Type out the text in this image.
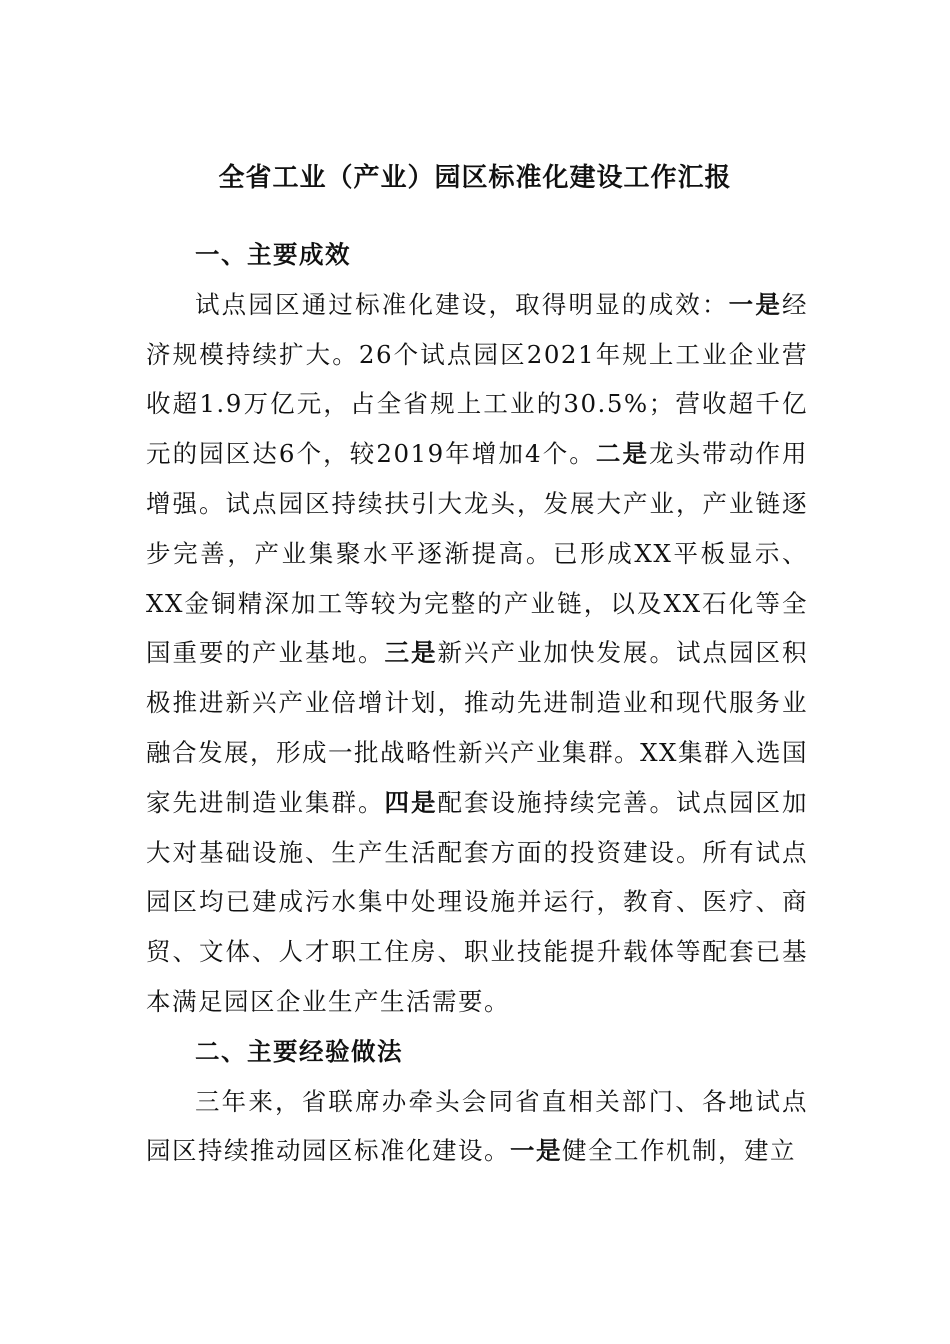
全省工业（产业）园区标准化建设工作汇报
一、主要成效

试点园区通过标准化建设，取得明显的成效：一是经济规模持续扩大。26个试点园区2021年规上工业企业营收超1.9万亿元，占全省规上工业的30.5%；营收超千亿元的园区达6个，较2019年增加4个。二是龙头带动作用增强。试点园区持续扶引大龙头，发展大产业，产业链逐步完善，产业集聚水平逐渐提高。已形成XX平板显示、XX金铜精深加工等较为完整的产业链，以及XX石化等全国重要的产业基地。三是新兴产业加快发展。试点园区积极推进新兴产业倍增计划，推动先进制造业和现代服务业融合发展，形成一批战略性新兴产业集群。XX集群入选国家先进制造业集群。四是配套设施持续完善。试点园区加大对基础设施、生产生活配套方面的投资建设。所有试点园区均已建成污水集中处理设施并运行，教育、医疗、商贸、文体、人才职工住房、职业技能提升载体等配套已基本满足园区企业生产生活需要。

二、主要经验做法

三年来，省联席办牵头会同省直相关部门、各地试点园区持续推动园区标准化建设。一是健全工作机制，建立
